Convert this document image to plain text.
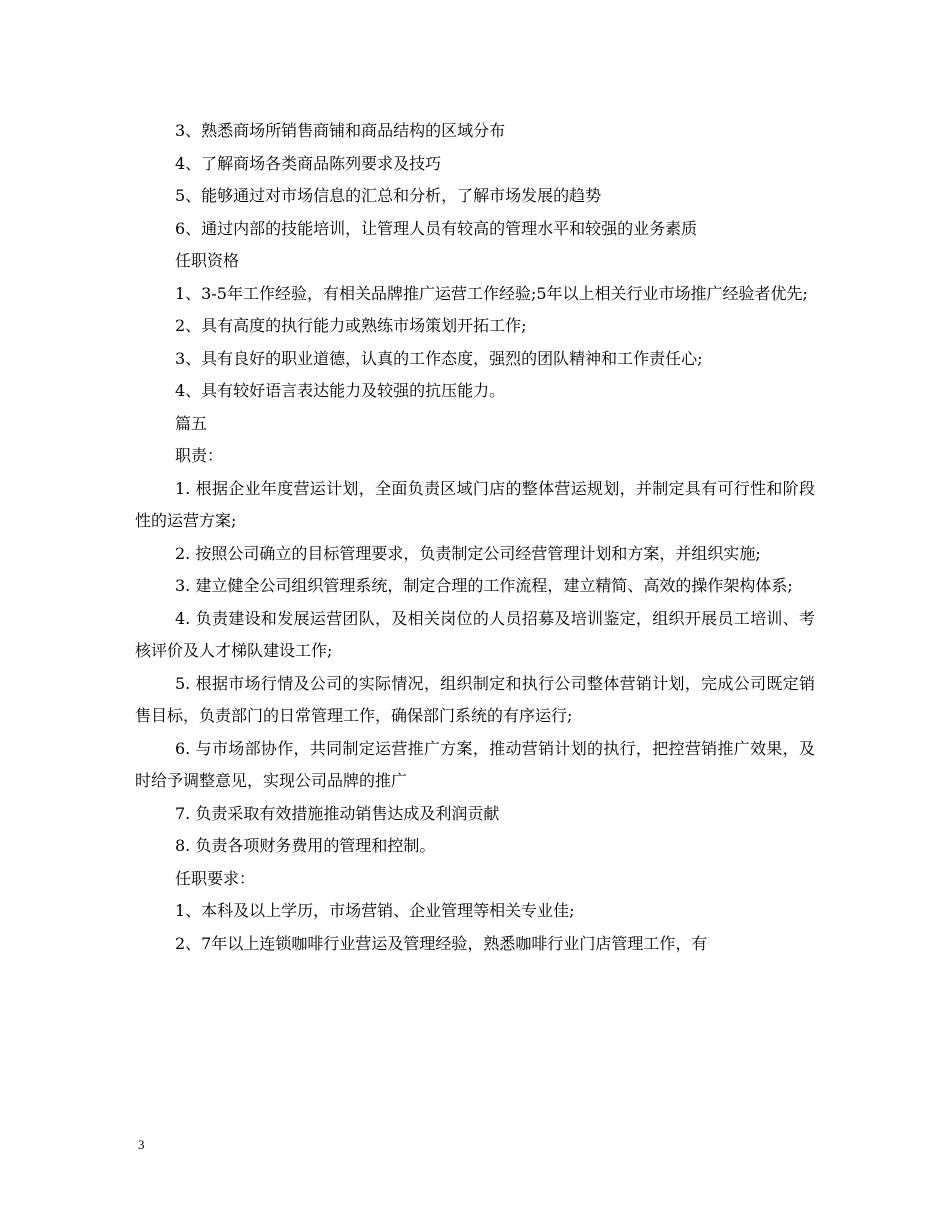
3、熟悉商场所销售商铺和商品结构的区域分布

4、了解商场各类商品陈列要求及技巧

5、能够通过对市场信息的汇总和分析，了解市场发展的趋势

6、通过内部的技能培训，让管理人员有较高的管理水平和较强的业务素质

任职资格

1、3-5年工作经验，有相关品牌推广运营工作经验;5年以上相关行业市场推广经验者优先;

2、具有高度的执行能力或熟练市场策划开拓工作;

3、具有良好的职业道德，认真的工作态度，强烈的团队精神和工作责任心;

4、具有较好语言表达能力及较强的抗压能力。

篇五

职责：

1. 根据企业年度营运计划，全面负责区域门店的整体营运规划，并制定具有可行性和阶段性的运营方案;

2. 按照公司确立的目标管理要求，负责制定公司经营管理计划和方案，并组织实施;

3. 建立健全公司组织管理系统，制定合理的工作流程，建立精简、高效的操作架构体系;

4. 负责建设和发展运营团队，及相关岗位的人员招募及培训鉴定，组织开展员工培训、考核评价及人才梯队建设工作;

5. 根据市场行情及公司的实际情况，组织制定和执行公司整体营销计划，完成公司既定销售目标，负责部门的日常管理工作，确保部门系统的有序运行;

6. 与市场部协作，共同制定运营推广方案，推动营销计划的执行，把控营销推广效果，及时给予调整意见，实现公司品牌的推广

7. 负责采取有效措施推动销售达成及利润贡献

8. 负责各项财务费用的管理和控制。

任职要求：

1、本科及以上学历，市场营销、企业管理等相关专业佳;

2、7年以上连锁咖啡行业营运及管理经验，熟悉咖啡行业门店管理工作，有

3
